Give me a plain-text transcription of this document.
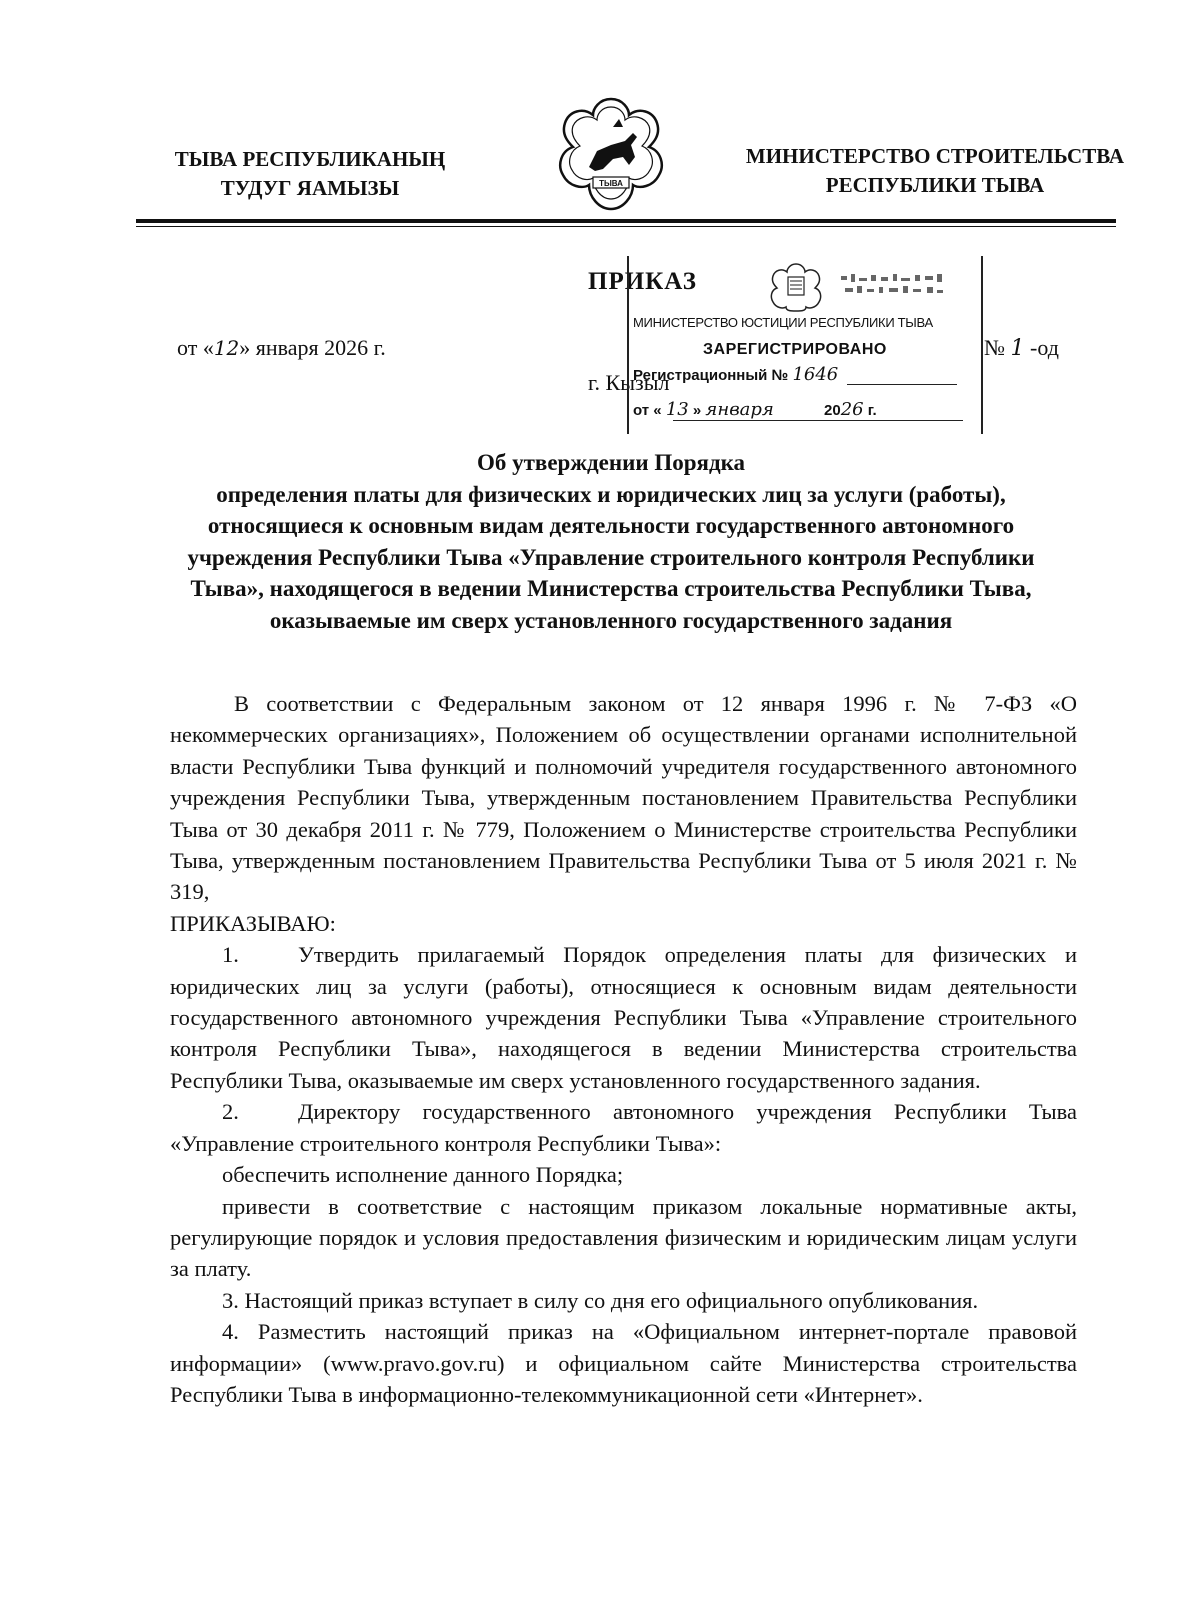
ТЫВА РЕСПУБЛИКАНЫҢ
ТУДУГ ЯАМЫЗЫ	ТЫВА
МИНИСТЕРСТВО СТРОИТЕЛЬСТВА
РЕСПУБЛИКИ ТЫВА
ПРИКАЗ
от «12» января 2026 г.	№ 1 -од
г. Кызыл
МИНИСТЕРСТВО ЮСТИЦИИ РЕСПУБЛИКИ ТЫВА
ЗАРЕГИСТРИРОВАНО
Регистрационный № 1646
от « 13 » января	2026 г.
Об утверждении Порядка
определения платы для физических и юридических лиц за услуги (работы), относящиеся к основным видам деятельности государственного автономного учреждения Республики Тыва «Управление строительного контроля Республики Тыва», находящегося в ведении Министерства строительства Республики Тыва, оказываемые им сверх установленного государственного задания

В соответствии с Федеральным законом от 12 января 1996 г. № 7-ФЗ «О некоммерческих организациях», Положением об осуществлении органами исполнительной власти Республики Тыва функций и полномочий учредителя государственного автономного учреждения Республики Тыва, утвержденным постановлением Правительства Республики Тыва от 30 декабря 2011 г. № 779, Положением о Министерстве строительства Республики Тыва, утвержденным постановлением Правительства Республики Тыва от 5 июля 2021 г. № 319,

ПРИКАЗЫВАЮ:

1.	Утвердить прилагаемый Порядок определения платы для физических и юридических лиц за услуги (работы), относящиеся к основным видам деятельности государственного автономного учреждения Республики Тыва «Управление строительного контроля Республики Тыва», находящегося в ведении Министерства строительства Республики Тыва, оказываемые им сверх установленного государственного задания.

2.	Директору государственного автономного учреждения Республики Тыва «Управление строительного контроля Республики Тыва»:

обеспечить исполнение данного Порядка;

привести в соответствие с настоящим приказом локальные нормативные акты, регулирующие порядок и условия предоставления физическим и юридическим лицам услуги за плату.

3. Настоящий приказ вступает в силу со дня его официального опубликования.

4. Разместить настоящий приказ на «Официальном интернет-портале правовой информации» (www.pravo.gov.ru) и официальном сайте Министерства строительства Республики Тыва в информационно-телекоммуникационной сети «Интернет».
